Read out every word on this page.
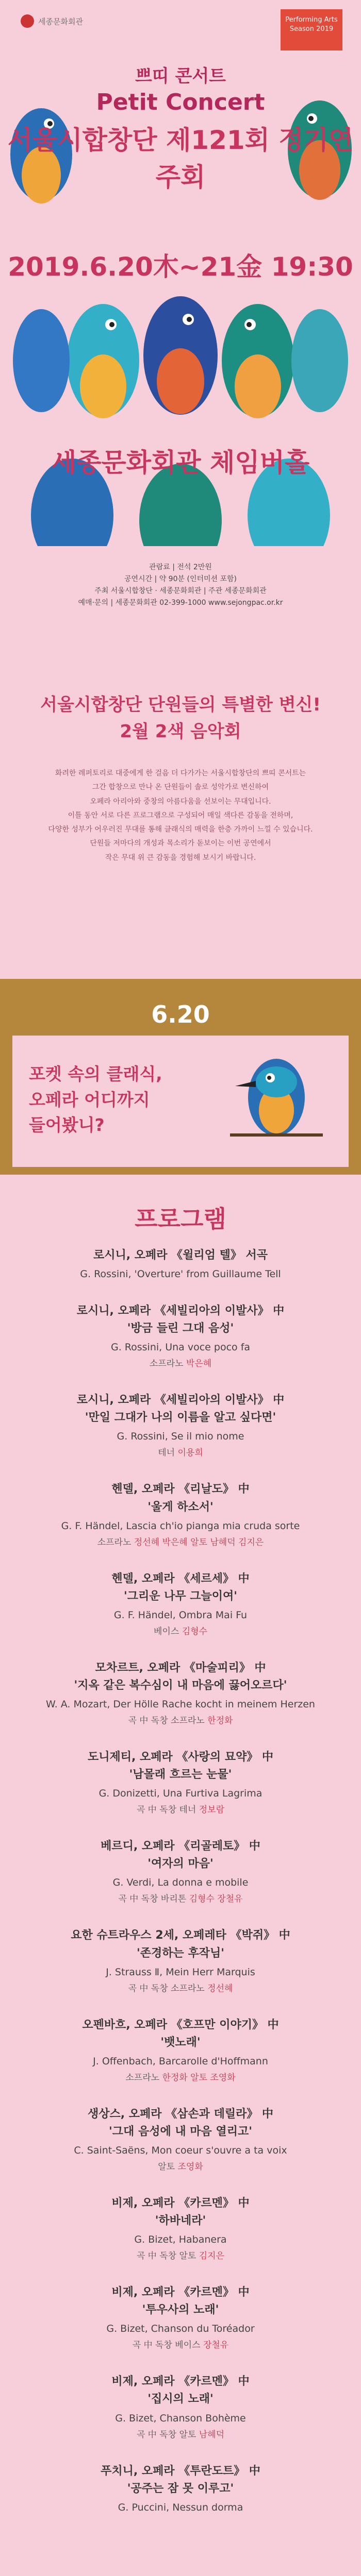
세종문화회관	Performing Arts Season 2019
쁘띠 콘서트
Petit Concert
서울시합창단 제121회 정기연주회
2019.6.20木~21金 19:30
세종문화회관 체임버홀
관람료 | 전석 2만원
공연시간 | 약 90분 (인터미션 포함)
주최 서울시합창단 · 세종문화회관 | 주관 세종문화회관
예매·문의 | 세종문화회관 02-399-1000 www.sejongpac.or.kr
서울시합창단 단원들의 특별한 변신!
2월 2색 음악회
화려한 레퍼토리로 대중에게 한 걸음 더 다가가는 서울시합창단의 쁘띠 콘서트는
그간 합창으로 만나 온 단원들이 솔로 성악가로 변신하여
오페라 아리아와 중창의 아름다움을 선보이는 무대입니다.
이틀 동안 서로 다른 프로그램으로 구성되어 매일 색다른 감동을 전하며,
다양한 성부가 어우러진 무대를 통해 클래식의 매력을 한층 가까이 느낄 수 있습니다.
단원들 저마다의 개성과 목소리가 돋보이는 이번 공연에서
작은 무대 위 큰 감동을 경험해 보시기 바랍니다.
6.20
포켓 속의 클래식,
오페라 어디까지
들어봤니?
프로그램
로시니, 오페라 《윌리엄 텔》 서곡
G. Rossini, 'Overture' from Guillaume Tell
로시니, 오페라 《세빌리아의 이발사》 中
'방금 들린 그대 음성'
G. Rossini, Una voce poco fa
소프라노 박은혜
로시니, 오페라 《세빌리아의 이발사》 中
'만일 그대가 나의 이름을 알고 싶다면'
G. Rossini, Se il mio nome
테너 이용희
헨델, 오페라 《리날도》 中
'울게 하소서'
G. F. Händel, Lascia ch'io pianga mia cruda sorte
소프라노 정선혜 박은혜 알토 남혜덕 김지은
헨델, 오페라 《세르세》 中
'그리운 나무 그늘이여'
G. F. Händel, Ombra Mai Fu
베이스 김형수
모차르트, 오페라 《마술피리》 中
'지옥 같은 복수심이 내 마음에 끓어오르다'
W. A. Mozart, Der Hölle Rache kocht in meinem Herzen
곡 中 독창 소프라노 한정화
도니제티, 오페라 《사랑의 묘약》 中
'남몰래 흐르는 눈물'
G. Donizetti, Una Furtiva Lagrima
곡 中 독창 테너 정보람
베르디, 오페라 《리골레토》 中
'여자의 마음'
G. Verdi, La donna e mobile
곡 中 독창 바리톤 김형수 장철유
요한 슈트라우스 2세, 오페레타 《박쥐》 中
'존경하는 후작님'
J. Strauss Ⅱ, Mein Herr Marquis
곡 中 독창 소프라노 정선혜
오펜바흐, 오페라 《호프만 이야기》 中
'뱃노래'
J. Offenbach, Barcarolle d'Hoffmann
소프라노 한정화 알토 조영화
생상스, 오페라 《삼손과 데릴라》 中
'그대 음성에 내 마음 열리고'
C. Saint-Saëns, Mon coeur s'ouvre a ta voix
알토 조영화
비제, 오페라 《카르멘》 中
'하바네라'
G. Bizet, Habanera
곡 中 독창 알토 김지은
비제, 오페라 《카르멘》 中
'투우사의 노래'
G. Bizet, Chanson du Toréador
곡 中 독창 베이스 장철유
비제, 오페라 《카르멘》 中
'집시의 노래'
G. Bizet, Chanson Bohème
곡 中 독창 알토 남혜덕
푸치니, 오페라 《투란도트》 中
'공주는 잠 못 이루고'
G. Puccini, Nessun dorma
